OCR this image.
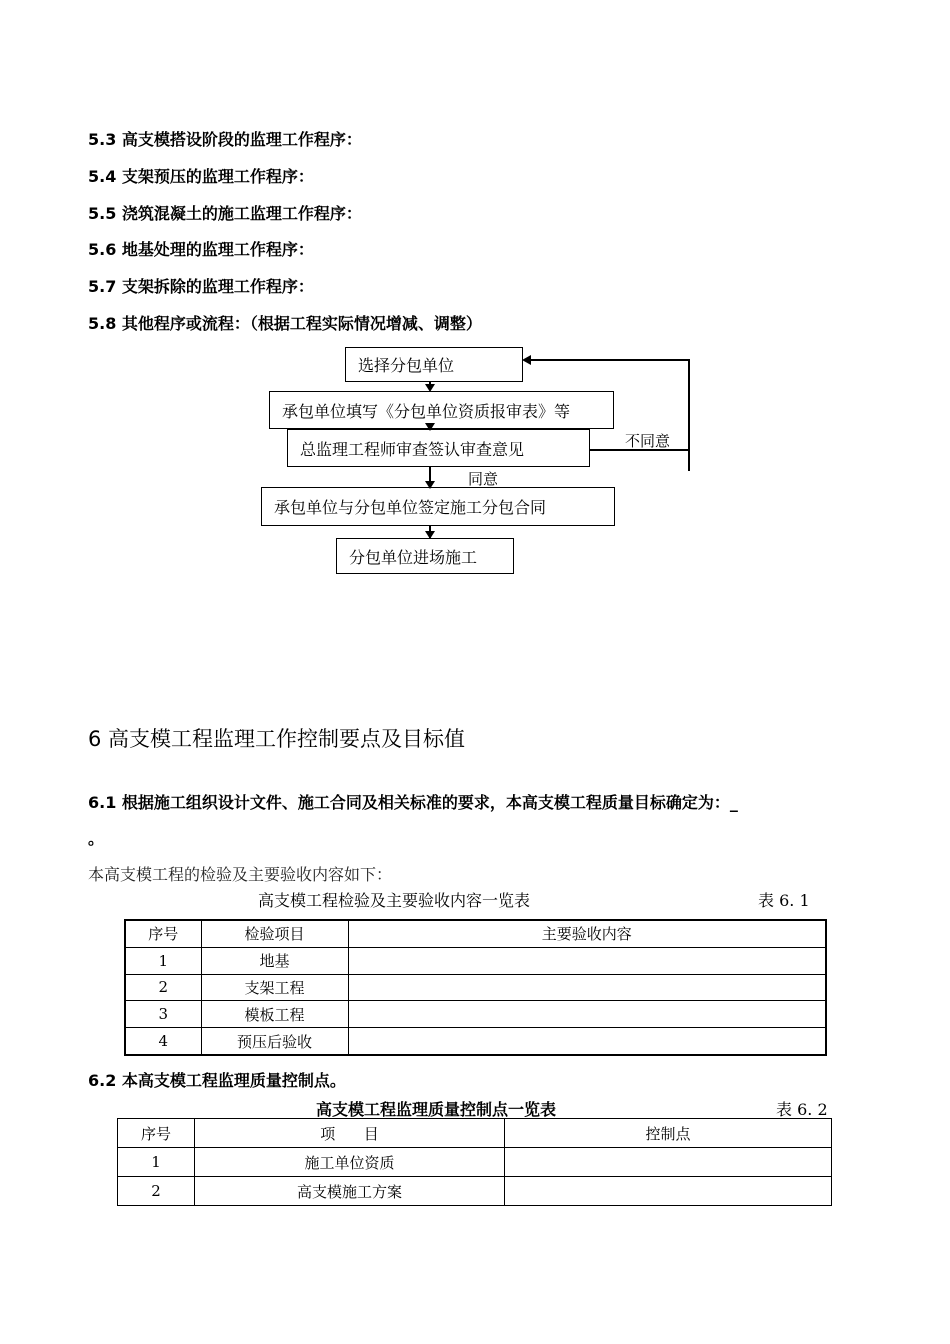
5.3 高支模搭设阶段的监理工作程序：
5.4 支架预压的监理工作程序：
5.5 浇筑混凝土的施工监理工作程序：
5.6 地基处理的监理工作程序：
5.7 支架拆除的监理工作程序：
5.8 其他程序或流程：（根据工程实际情况增减、调整）
选择分包单位
承包单位填写《分包单位资质报审表》等
总监理工程师审查签认审查意见
承包单位与分包单位签定施工分包合同
分包单位进场施工
不同意
同意
6 高支模工程监理工作控制要点及目标值
6.1 根据施工组织设计文件、施工合同及相关标准的要求，本高支模工程质量目标确定为：_
。
本高支模工程的检验及主要验收内容如下：
高支模工程检验及主要验收内容一览表	表 6. 1
序号	检验项目	主要验收内容
1	地基	
2	支架工程	
3	模板工程	
4	预压后验收	
6.2 本高支模工程监理质量控制点。
高支模工程监理质量控制点一览表	表 6. 2
序号	项      目	控制点
1	施工单位资质	
2	高支模施工方案	
